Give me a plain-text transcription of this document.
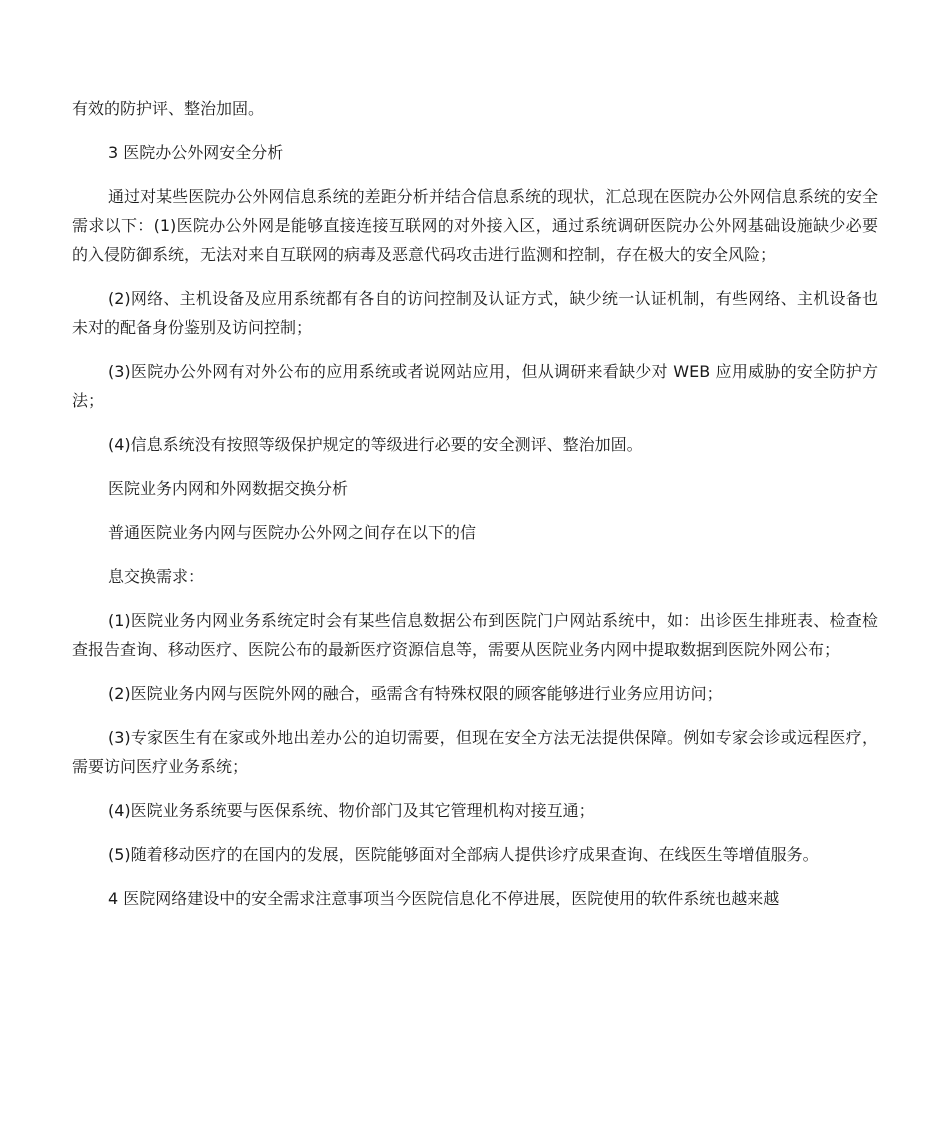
有效的防护评、整治加固。

3 医院办公外网安全分析

通过对某些医院办公外网信息系统的差距分析并结合信息系统的现状，汇总现在医院办公外网信息系统的安全需求以下：(1)医院办公外网是能够直接连接互联网的对外接入区，通过系统调研医院办公外网基础设施缺少必要的入侵防御系统，无法对来自互联网的病毒及恶意代码攻击进行监测和控制，存在极大的安全风险；

(2)网络、主机设备及应用系统都有各自的访问控制及认证方式，缺少统一认证机制，有些网络、主机设备也未对的配备身份鉴别及访问控制；

(3)医院办公外网有对外公布的应用系统或者说网站应用，但从调研来看缺少对 WEB 应用威胁的安全防护方法；

(4)信息系统没有按照等级保护规定的等级进行必要的安全测评、整治加固。

医院业务内网和外网数据交换分析

普通医院业务内网与医院办公外网之间存在以下的信

息交换需求：

(1)医院业务内网业务系统定时会有某些信息数据公布到医院门户网站系统中，如：出诊医生排班表、检查检查报告查询、移动医疗、医院公布的最新医疗资源信息等，需要从医院业务内网中提取数据到医院外网公布；

(2)医院业务内网与医院外网的融合，亟需含有特殊权限的顾客能够进行业务应用访问；

(3)专家医生有在家或外地出差办公的迫切需要，但现在安全方法无法提供保障。例如专家会诊或远程医疗，需要访问医疗业务系统；

(4)医院业务系统要与医保系统、物价部门及其它管理机构对接互通；

(5)随着移动医疗的在国内的发展，医院能够面对全部病人提供诊疗成果查询、在线医生等增值服务。

4 医院网络建设中的安全需求注意事项当今医院信息化不停进展，医院使用的软件系统也越来越
